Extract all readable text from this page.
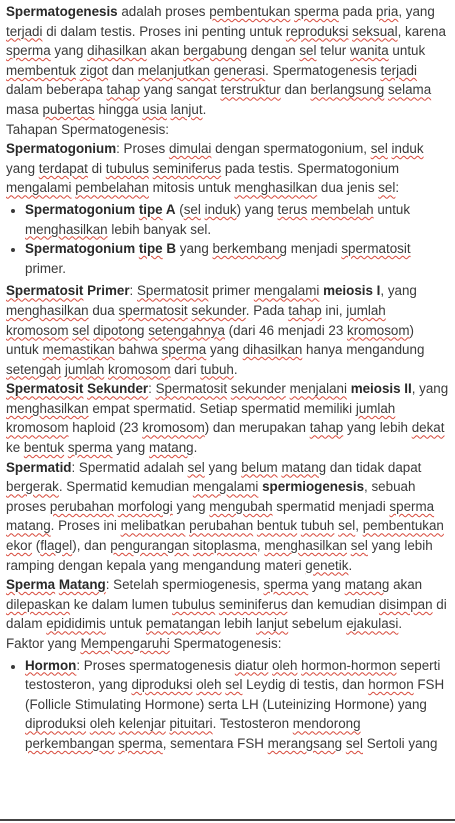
Spermatogenesis adalah proses pembentukan sperma pada pria, yang terjadi di dalam testis. Proses ini penting untuk reproduksi seksual, karena sperma yang dihasilkan akan bergabung dengan sel telur wanita untuk membentuk zigot dan melanjutkan generasi. Spermatogenesis terjadi dalam beberapa tahap yang sangat terstruktur dan berlangsung selama masa pubertas hingga usia lanjut.

Tahapan Spermatogenesis:

Spermatogonium: Proses dimulai dengan spermatogonium, sel induk yang terdapat di tubulus seminiferus pada testis. Spermatogonium mengalami pembelahan mitosis untuk menghasilkan dua jenis sel:

• Spermatogonium tipe A (sel induk) yang terus membelah untuk menghasilkan lebih banyak sel.
• Spermatogonium tipe B yang berkembang menjadi spermatosit primer.

Spermatosit Primer: Spermatosit primer mengalami meiosis I, yang menghasilkan dua spermatosit sekunder. Pada tahap ini, jumlah kromosom sel dipotong setengahnya (dari 46 menjadi 23 kromosom) untuk memastikan bahwa sperma yang dihasilkan hanya mengandung setengah jumlah kromosom dari tubuh.

Spermatosit Sekunder: Spermatosit sekunder menjalani meiosis II, yang menghasilkan empat spermatid. Setiap spermatid memiliki jumlah kromosom haploid (23 kromosom) dan merupakan tahap yang lebih dekat ke bentuk sperma yang matang.

Spermatid: Spermatid adalah sel yang belum matang dan tidak dapat bergerak. Spermatid kemudian mengalami spermiogenesis, sebuah proses perubahan morfologi yang mengubah spermatid menjadi sperma matang. Proses ini melibatkan perubahan bentuk tubuh sel, pembentukan ekor (flagel), dan pengurangan sitoplasma, menghasilkan sel yang lebih ramping dengan kepala yang mengandung materi genetik.

Sperma Matang: Setelah spermiogenesis, sperma yang matang akan dilepaskan ke dalam lumen tubulus seminiferus dan kemudian disimpan di dalam epididimis untuk pematangan lebih lanjut sebelum ejakulasi.

Faktor yang Mempengaruhi Spermatogenesis:

• Hormon: Proses spermatogenesis diatur oleh hormon-hormon seperti testosteron, yang diproduksi oleh sel Leydig di testis, dan hormon FSH (Follicle Stimulating Hormone) serta LH (Luteinizing Hormone) yang diproduksi oleh kelenjar pituitari. Testosteron mendorong perkembangan sperma, sementara FSH merangsang sel Sertoli yang
